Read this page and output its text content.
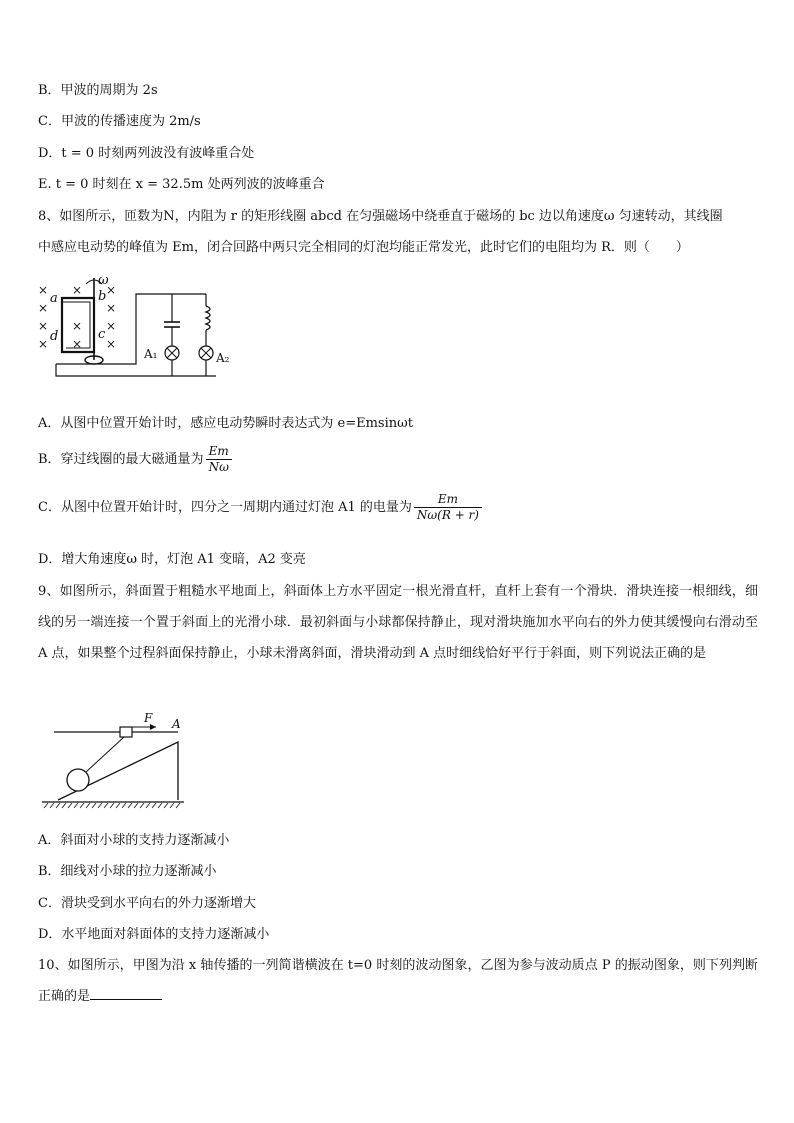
B．甲波的周期为 2s
C．甲波的传播速度为 2m/s
D．t = 0 时刻两列波没有波峰重合处
E. t = 0 时刻在 x = 32.5m 处两列波的波峰重合
8、如图所示，匝数为N，内阻为 r 的矩形线圈 abcd 在匀强磁场中绕垂直于磁场的 bc 边以角速度ω 匀速转动，其线圈
中感应电动势的峰值为 Em，闭合回路中两只完全相同的灯泡均能正常发光，此时它们的电阻均为 R．则（　　）
×
×
×
×
×
×
×
×
×
×
×
a	b
c
d
ω
A₁	A₂
A．从图中位置开始计时，感应电动势瞬时表达式为 e=Emsinωt
B．穿过线圈的最大磁通量为 $\frac{Em}{N\omega}$
C．从图中位置开始计时，四分之一周期内通过灯泡 A1 的电量为 $\frac{Em}{N\omega(R + r)}$
D．增大角速度ω 时，灯泡 A1 变暗，A2 变亮
9、如图所示，斜面置于粗糙水平地面上，斜面体上方水平固定一根光滑直杆，直杆上套有一个滑块．滑块连接一根细线，细线的另一端连接一个置于斜面上的光滑小球．最初斜面与小球都保持静止，现对滑块施加水平向右的外力使其缓慢向右滑动至 A 点，如果整个过程斜面保持静止，小球未滑离斜面，滑块滑动到 A 点时细线恰好平行于斜面，则下列说法正确的是
F A
A．斜面对小球的支持力逐渐减小
B．细线对小球的拉力逐渐减小
C．滑块受到水平向右的外力逐渐增大
D．水平地面对斜面体的支持力逐渐减小
10、如图所示，甲图为沿 x 轴传播的一列简谐横波在 t=0 时刻的波动图象，乙图为参与波动质点 P 的振动图象，则下列判断正确的是
